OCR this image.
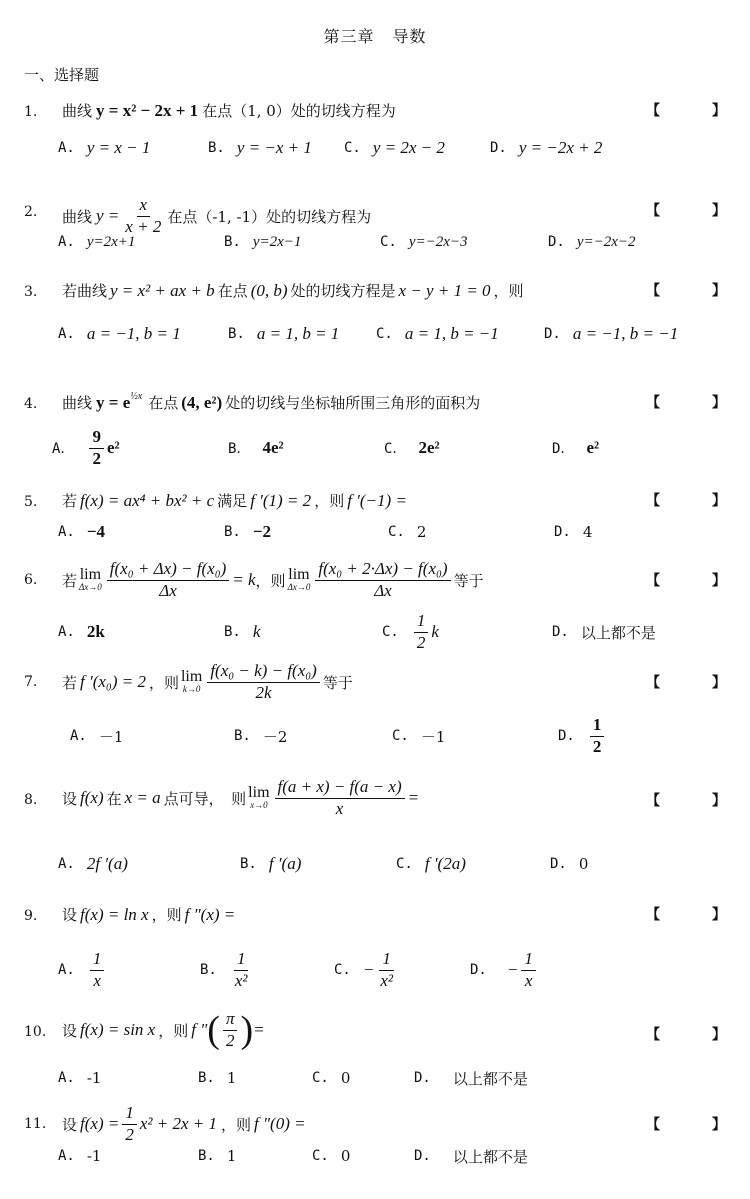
第三章 导数
一、选择题
1.	曲线 y = x² − 2x + 1 在点（1, 0）处的切线方程为	【	】
A. y = x − 1	B. y = −x + 1 C. y = 2x − 2	D. y = −2x + 2
2.	曲线 $y = \frac{x}{x + 2}$ 在点（-1, -1）处的切线方程为	【	】
A. y=2x+1	B. y=2x−1	C. y=−2x−3	D. y=−2x−2
3.	若曲线 y = x² + ax + b 在点 (0, b) 处的切线方程是 x − y + 1 = 0 ，则	【	】
A. a = −1, b = 1	B. a = 1, b = 1	C. a = 1, b = −1	D. a = −1, b = −1
4.	曲线 $y = e^{\frac{1}{2}x}$ 在点 (4, e²) 处的切线与坐标轴所围三角形的面积为	【	】
A． $\frac{9}{2} e^2$	B． 4e²	C． 2e²	D． e²
5.	若 f(x) = ax⁴ + bx² + c 满足 f ′(1) = 2 ，则 f ′(−1) =	【	】
A. −4	B. −2	C. 2	D. 4
6.	若 lim
$\Delta x\to 0 \frac{\text{f(x₀ + Δx) − f(x₀)}}{\Delta x} = k$ ，则 lim
$\Delta x\to 0 \frac{\text{f(x₀ + 2·Δx) − f(x₀)}}{\Delta x}$ 等于	【	】
A. 2k	B. k	C. $\frac{1}{2}$ k	D. 以上都不是
7.	若 f ′(x₀) = 2 ，则 lim
$k\to 0 \frac{\text{f(x₀ − k) − f(x₀)}}{2k}$ 等于	【	】
A. －1	B. －2	C. －1	D. $\frac{1}{2}$
8.	设 f(x) 在 x = a 点可导，　则 lim
$x\to 0 \frac{f(a + x) - f(a - x)}{x}$ =	【	】
A. 2f ′(a)	B. f ′(a)	C. f ′(2a)	D. 0
9.	设 f(x) = ln x ，则 f ″(x) =	【	】
A. $\frac{1}{x}$	B. $\frac{1}{\text{x²}}$	C. − $\frac{1}{\text{x²}}$	D. − $\frac{1}{x}$
10.	设 f(x) = sin x ，则 f ″ ( $\frac{\pi}{2}$ ) =	【	】
A. -1	B. 1	C. 0	D. 以上都不是
11.	设 $f(x) = \frac{1}{2} x^2 + 2x + 1$ ，则 f ″(0) =	【	】
A. -1	B. 1	C. 0	D. 以上都不是
